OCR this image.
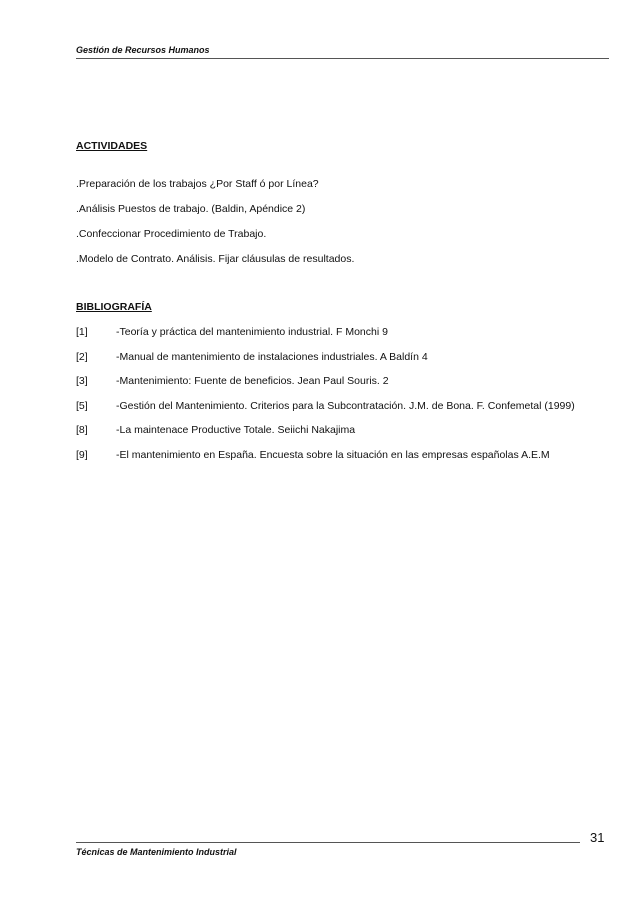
Gestión de Recursos Humanos
ACTIVIDADES
.Preparación de los trabajos ¿Por Staff ó por Línea?
.Análisis Puestos de trabajo. (Baldin, Apéndice 2)
.Confeccionar Procedimiento de Trabajo.
.Modelo de Contrato. Análisis. Fijar cláusulas de resultados.
BIBLIOGRAFÍA
[1]	-Teoría y práctica del mantenimiento industrial. F Monchi 9
[2]	-Manual de mantenimiento de instalaciones industriales. A Baldín 4
[3]	-Mantenimiento: Fuente de beneficios. Jean Paul Souris. 2
[5]	-Gestión del Mantenimiento. Criterios para la Subcontratación. J.M. de Bona. F. Confemetal (1999)
[8]	-La maintenace Productive Totale. Seiichi Nakajima
[9]	-El mantenimiento en España. Encuesta sobre la situación en las empresas españolas A.E.M
31
Técnicas de Mantenimiento Industrial
